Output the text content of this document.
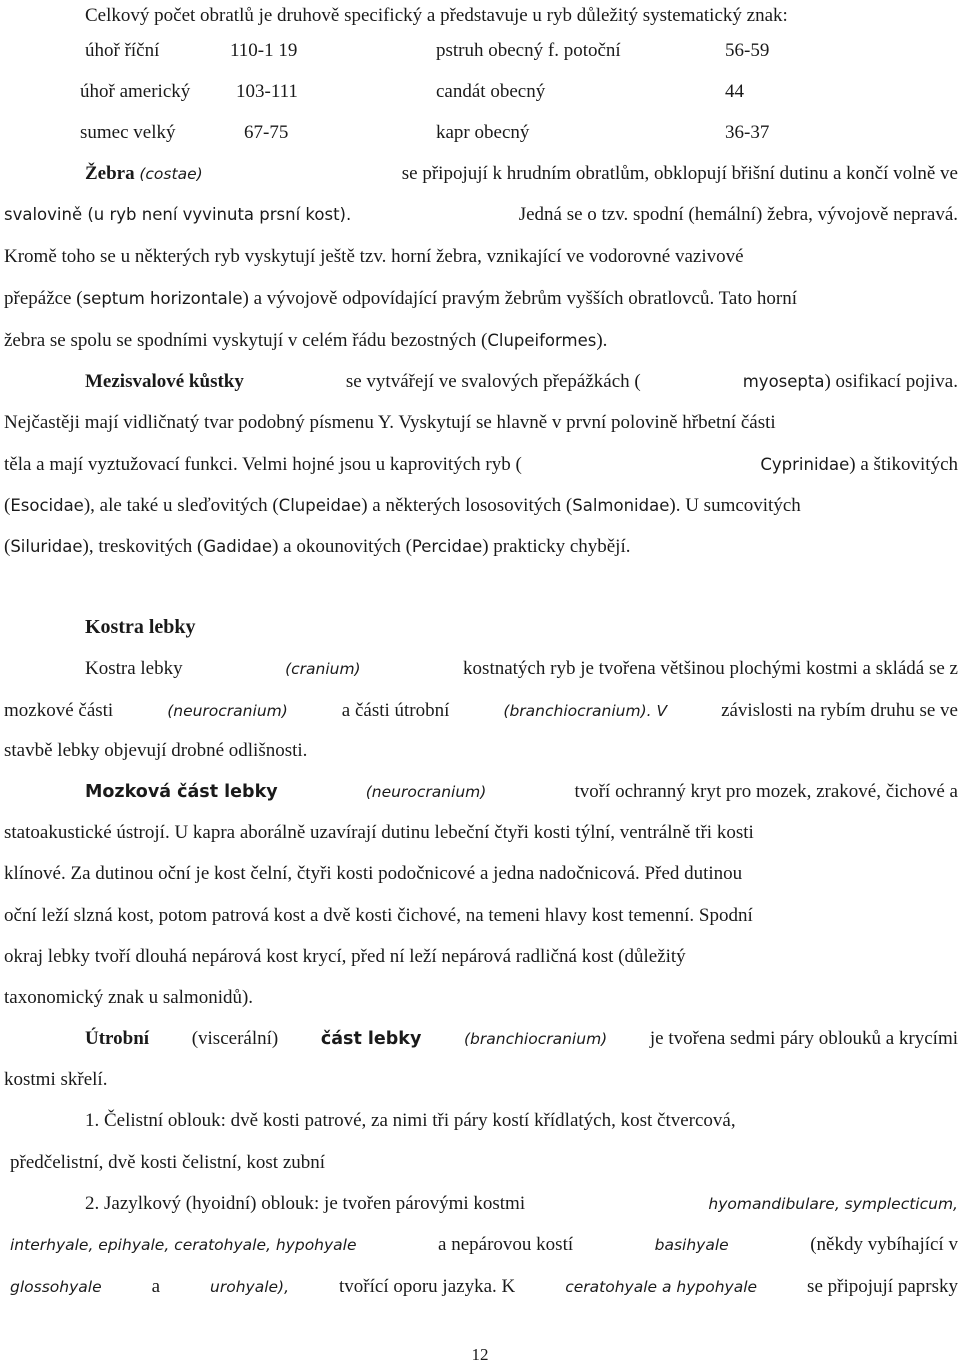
Celkový počet obratlů je druhově specifický a představuje u ryb důležitý systematický znak:
úhoř říční	110-1 19	pstruh obecný f. potoční	56-59
úhoř americký 103-111	candát obecný	44
sumec velký	67-75	kapr obecný	36-37
Žebra (costae)	se připojují k hrudním obratlům, obklopují břišní dutinu a končí volně ve
svalovině (u ryb není vyvinuta prsní kost).	Jedná se o tzv. spodní (hemální) žebra, vývojově nepravá.
Kromě toho se u některých ryb vyskytují ještě tzv. horní žebra, vznikající ve vodorovné vazivové
přepážce (septum horizontale) a vývojově odpovídající pravým žebrům vyšších obratlovců. Tato horní
žebra se spolu se spodními vyskytují v celém řádu bezostných (Clupeiformes).
Mezisvalové kůstky	se vytvářejí ve svalových přepážkách (	myosepta) osifikací pojiva.
Nejčastěji mají vidličnatý tvar podobný písmenu Y. Vyskytují se hlavně v první polovině hřbetní části
těla a mají vyztužovací funkci. Velmi hojné jsou u kaprovitých ryb (	Cyprinidae) a štikovitých
(Esocidae), ale také u sleďovitých (Clupeidae) a některých lososovitých (Salmonidae). U sumcovitých
(Siluridae), treskovitých (Gadidae) a okounovitých (Percidae) prakticky chybějí.
Kostra lebky
Kostra lebky	(cranium)	kostnatých ryb je tvořena většinou plochými kostmi a skládá se z
mozkové části	(neurocranium)	a části útrobní	(branchiocranium). V	závislosti na rybím druhu se ve
stavbě lebky objevují drobné odlišnosti.
Mozková část lebky	(neurocranium)	tvoří ochranný kryt pro mozek, zrakové, čichové a
statoakustické ústrojí. U kapra aborálně uzavírají dutinu lebeční čtyři kosti týlní, ventrálně tři kosti
klínové. Za dutinou oční je kost čelní, čtyři kosti podočnicové a jedna nadočnicová. Před dutinou
oční leží slzná kost, potom patrová kost a dvě kosti čichové, na temeni hlavy kost temenní. Spodní
okraj lebky tvoří dlouhá nepárová kost krycí, před ní leží nepárová radličná kost (důležitý
taxonomický znak u salmonidů).
Útrobní (viscerální) část lebky	(branchiocranium) je tvořena sedmi páry oblouků a krycími
kostmi skřelí.
1. Čelistní oblouk: dvě kosti patrové, za nimi tři páry kostí křídlatých, kost čtvercová,
předčelistní, dvě kosti čelistní, kost zubní
2. Jazylkový (hyoidní) oblouk: je tvořen párovými kostmi	hyomandibulare, symplecticum,
interhyale, epihyale, ceratohyale, hypohyale	a nepárovou kostí	basihyale	(někdy vybíhající v
glossohyale	a	urohyale),	tvořící oporu jazyka. K	ceratohyale a hypohyale	se připojují paprsky
12
